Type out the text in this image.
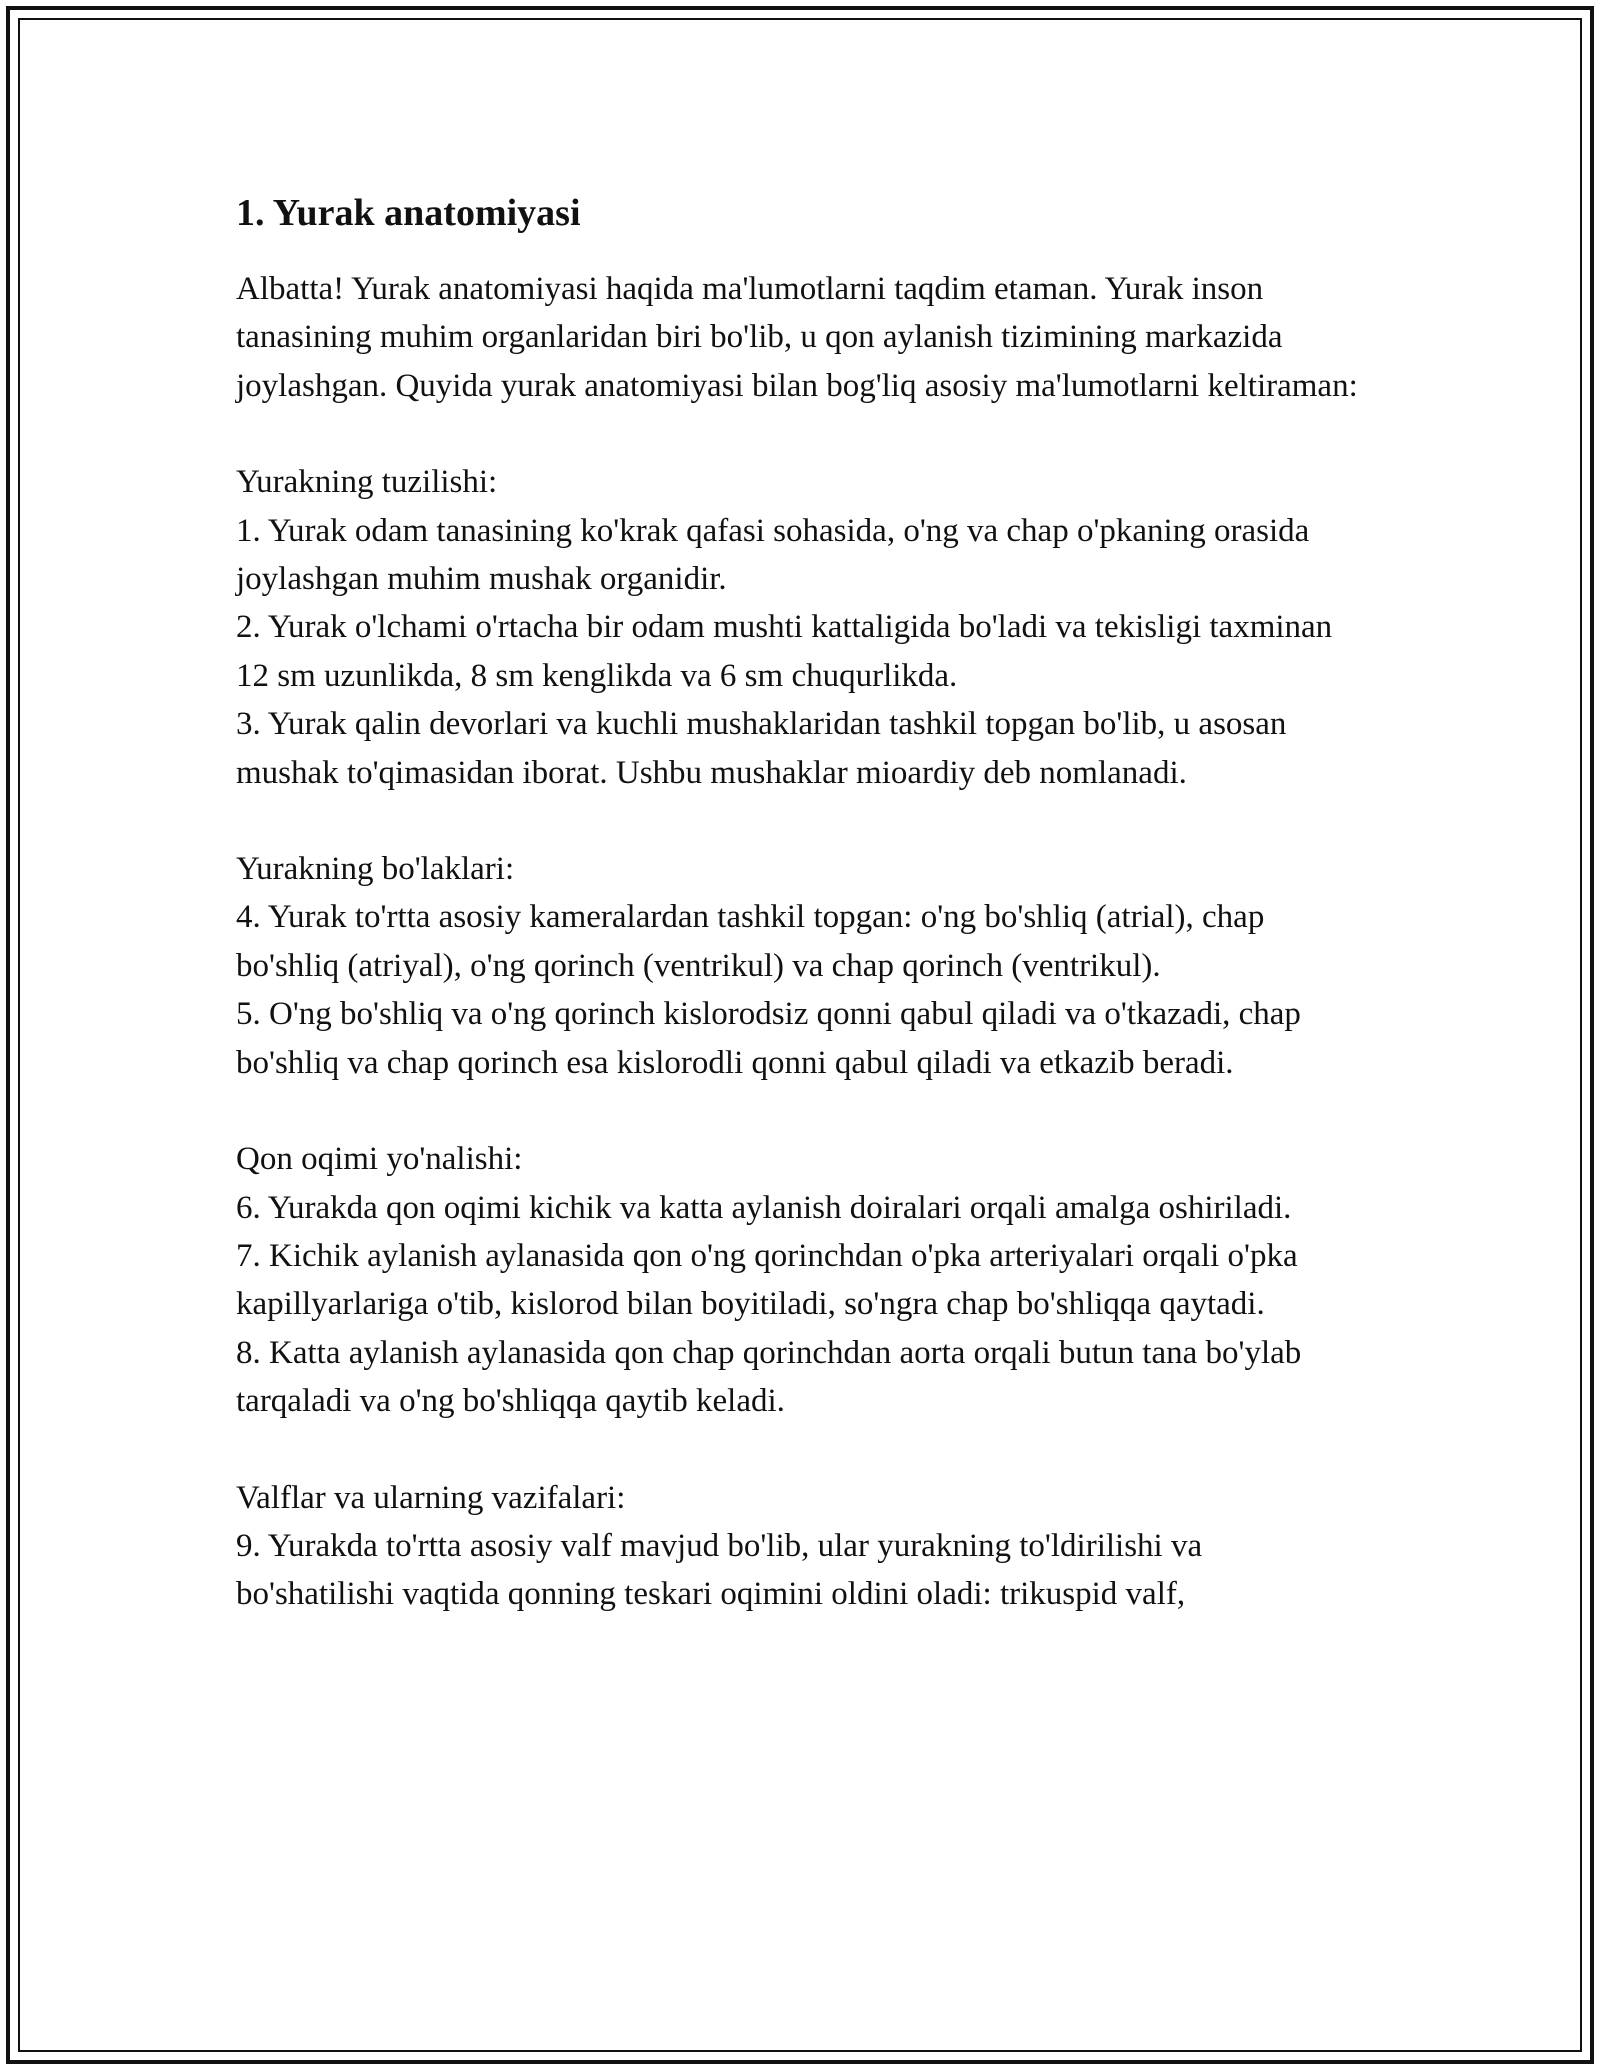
1. Yurak anatomiyasi

Albatta! Yurak anatomiyasi haqida ma'lumotlarni taqdim etaman. Yurak inson tanasining muhim organlaridan biri bo'lib, u qon aylanish tizimining markazida joylashgan. Quyida yurak anatomiyasi bilan bog'liq asosiy ma'lumotlarni keltiraman:

Yurakning tuzilishi:
1. Yurak odam tanasining ko'krak qafasi sohasida, o'ng va chap o'pkaning orasida joylashgan muhim mushak organidir.
2. Yurak o'lchami o'rtacha bir odam mushti kattaligida bo'ladi va tekisligi taxminan 12 sm uzunlikda, 8 sm kenglikda va 6 sm chuqurlikda.
3. Yurak qalin devorlari va kuchli mushaklaridan tashkil topgan bo'lib, u asosan mushak to'qimasidan iborat. Ushbu mushaklar mioardiy deb nomlanadi.
Yurakning bo'laklari:
4. Yurak to'rtta asosiy kameralardan tashkil topgan: o'ng bo'shliq (atrial), chap bo'shliq (atriyal), o'ng qorinch (ventrikul) va chap qorinch (ventrikul).
5. O'ng bo'shliq va o'ng qorinch kislorodsiz qonni qabul qiladi va o'tkazadi, chap bo'shliq va chap qorinch esa kislorodli qonni qabul qiladi va etkazib beradi.
Qon oqimi yo'nalishi:
6. Yurakda qon oqimi kichik va katta aylanish doiralari orqali amalga oshiriladi.
7. Kichik aylanish aylanasida qon o'ng qorinchdan o'pka arteriyalari orqali o'pka kapillyarlariga o'tib, kislorod bilan boyitiladi, so'ngra chap bo'shliqqa qaytadi.
8. Katta aylanish aylanasida qon chap qorinchdan aorta orqali butun tana bo'ylab tarqaladi va o'ng bo'shliqqa qaytib keladi.
Valflar va ularning vazifalari:
9. Yurakda to'rtta asosiy valf mavjud bo'lib, ular yurakning to'ldirilishi va bo'shatilishi vaqtida qonning teskari oqimini oldini oladi: trikuspid valf,
